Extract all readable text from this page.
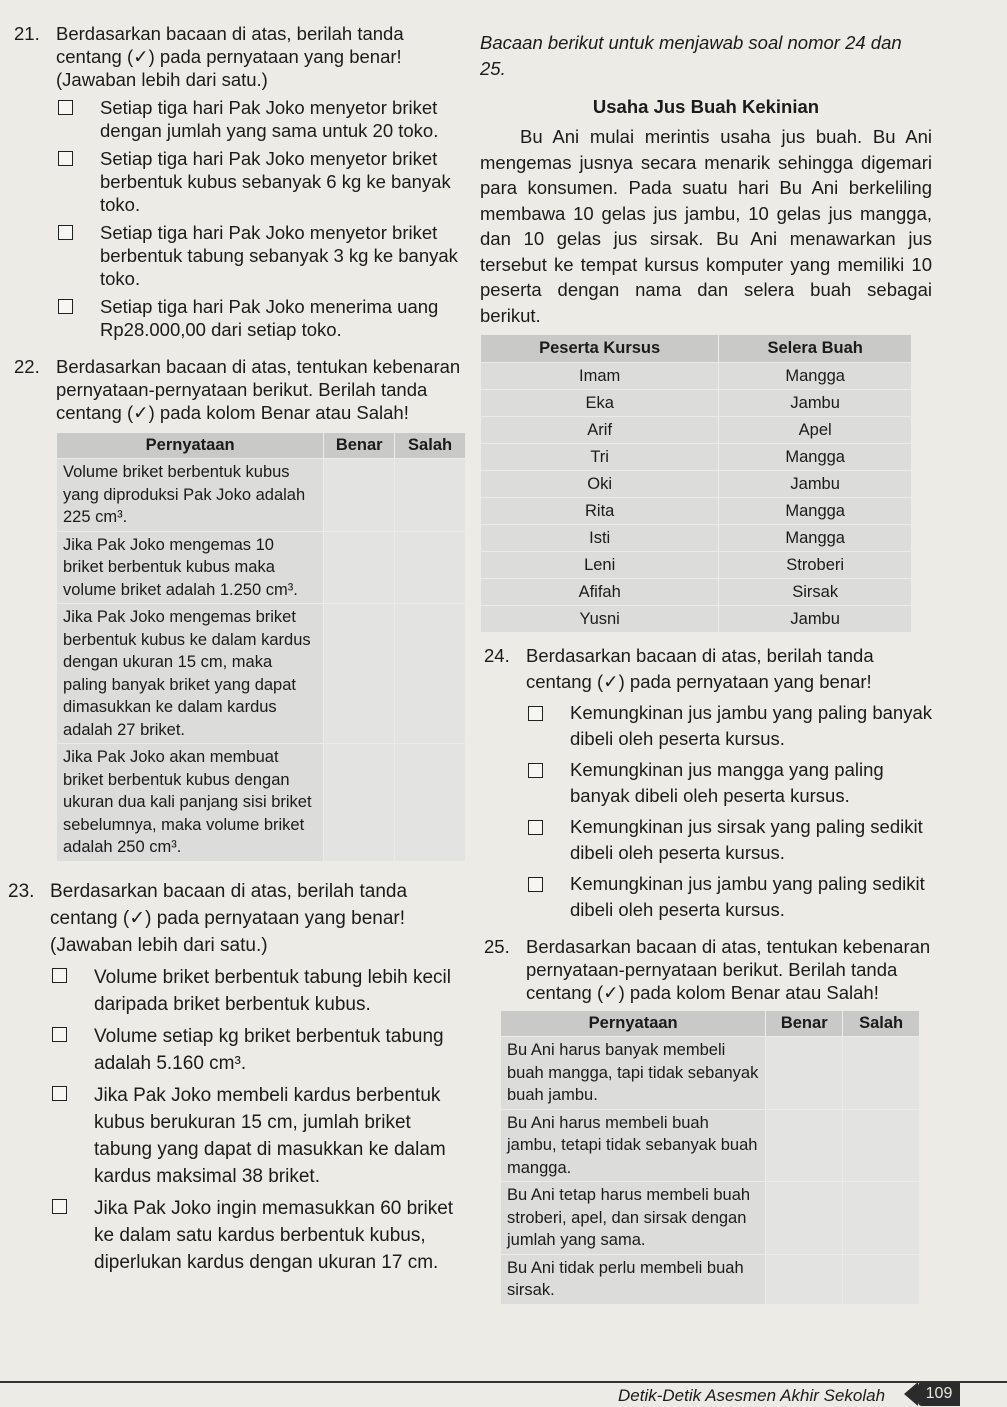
21. Berdasarkan bacaan di atas, berilah tanda centang (✓) pada pernyataan yang benar! (Jawaban lebih dari satu.)
Setiap tiga hari Pak Joko menyetor briket dengan jumlah yang sama untuk 20 toko.
Setiap tiga hari Pak Joko menyetor briket berbentuk kubus sebanyak 6 kg ke banyak toko.
Setiap tiga hari Pak Joko menyetor briket berbentuk tabung sebanyak 3 kg ke banyak toko.
Setiap tiga hari Pak Joko menerima uang Rp28.000,00 dari setiap toko.
22. Berdasarkan bacaan di atas, tentukan kebenaran pernyataan-pernyataan berikut. Berilah tanda centang (✓) pada kolom Benar atau Salah!
Pernyataan	Benar	Salah
Volume briket berbentuk kubus yang diproduksi Pak Joko adalah 225 cm³.		
Jika Pak Joko mengemas 10 briket berbentuk kubus maka volume briket adalah 1.250 cm³.		
Jika Pak Joko mengemas briket berbentuk kubus ke dalam kardus dengan ukuran 15 cm, maka paling banyak briket yang dapat dimasukkan ke dalam kardus adalah 27 briket.		
Jika Pak Joko akan membuat briket berbentuk kubus dengan ukuran dua kali panjang sisi briket sebelumnya, maka volume briket adalah 250 cm³.		
23. Berdasarkan bacaan di atas, berilah tanda centang (✓) pada pernyataan yang benar! (Jawaban lebih dari satu.)
Volume briket berbentuk tabung lebih kecil daripada briket berbentuk kubus.
Volume setiap kg briket berbentuk tabung adalah 5.160 cm³.
Jika Pak Joko membeli kardus berbentuk kubus berukuran 15 cm, jumlah briket tabung yang dapat di masukkan ke dalam kardus maksimal 38 briket.
Jika Pak Joko ingin memasukkan 60 briket ke dalam satu kardus berbentuk kubus, diperlukan kardus dengan ukuran 17 cm.
Bacaan berikut untuk menjawab soal nomor 24 dan 25.
Usaha Jus Buah Kekinian
Bu Ani mulai merintis usaha jus buah. Bu Ani mengemas jusnya secara menarik sehingga digemari para konsumen. Pada suatu hari Bu Ani berkeliling membawa 10 gelas jus jambu, 10 gelas jus mangga, dan 10 gelas jus sirsak. Bu Ani menawarkan jus tersebut ke tempat kursus komputer yang memiliki 10 peserta dengan nama dan selera buah sebagai berikut.
Peserta Kursus	Selera Buah
Imam	Mangga
Eka	Jambu
Arif	Apel
Tri	Mangga
Oki	Jambu
Rita	Mangga
Isti	Mangga
Leni	Stroberi
Afifah	Sirsak
Yusni	Jambu
24. Berdasarkan bacaan di atas, berilah tanda centang (✓) pada pernyataan yang benar!
Kemungkinan jus jambu yang paling banyak dibeli oleh peserta kursus.
Kemungkinan jus mangga yang paling banyak dibeli oleh peserta kursus.
Kemungkinan jus sirsak yang paling sedikit dibeli oleh peserta kursus.
Kemungkinan jus jambu yang paling sedikit dibeli oleh peserta kursus.
25. Berdasarkan bacaan di atas, tentukan kebenaran pernyataan-pernyataan berikut. Berilah tanda centang (✓) pada kolom Benar atau Salah!
Pernyataan	Benar	Salah
Bu Ani harus banyak membeli buah mangga, tapi tidak sebanyak buah jambu.		
Bu Ani harus membeli buah jambu, tetapi tidak sebanyak buah mangga.		
Bu Ani tetap harus membeli buah stroberi, apel, dan sirsak dengan jumlah yang sama.		
Bu Ani tidak perlu membeli buah sirsak.		
Detik-Detik Asesmen Akhir Sekolah	109
